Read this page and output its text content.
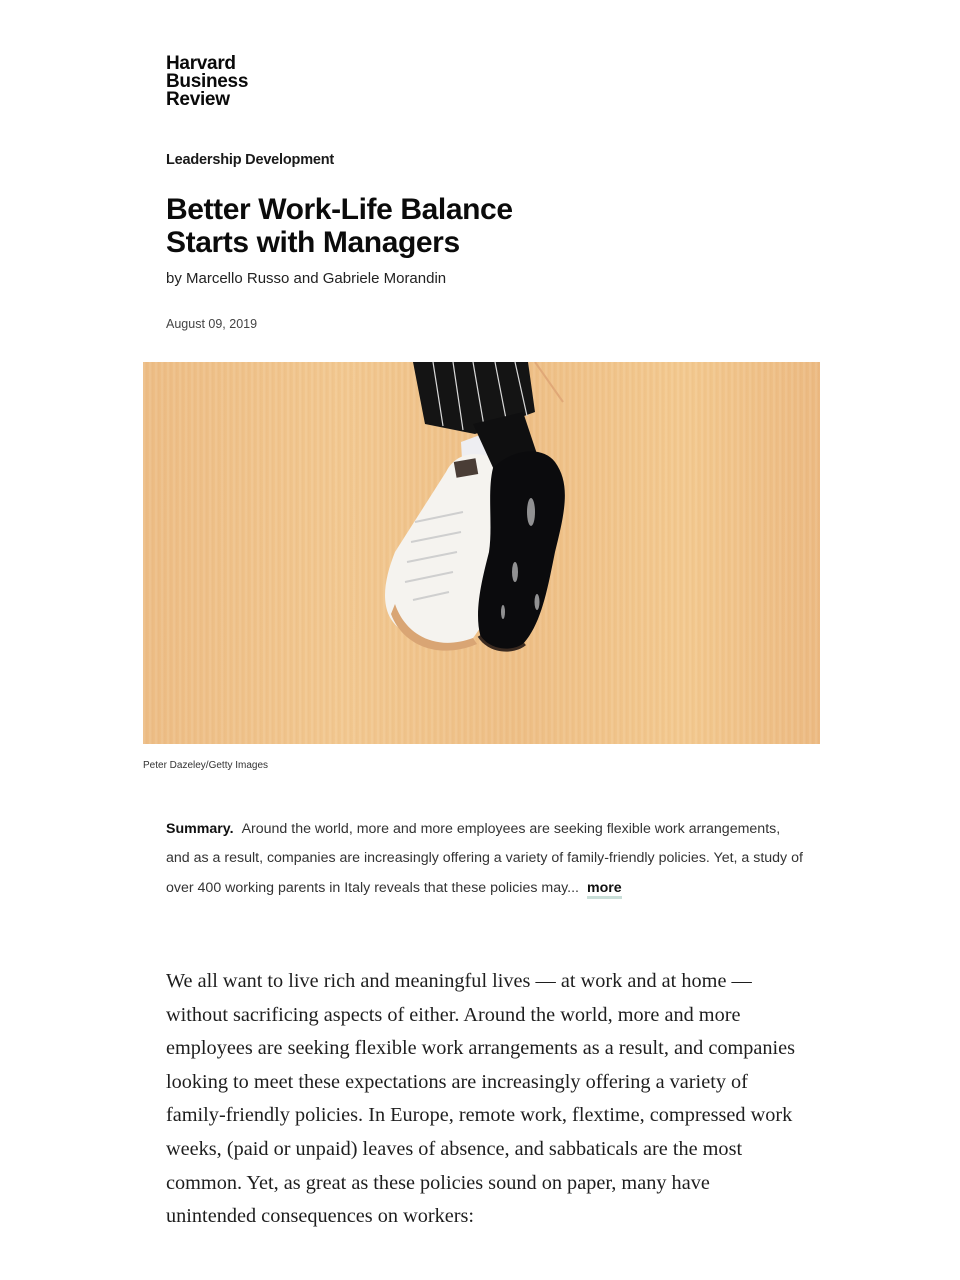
Harvard
Business
Review
Leadership Development
Better Work-Life Balance Starts with Managers
by Marcello Russo and Gabriele Morandin
August 09, 2019
Peter Dazeley/Getty Images
Summary. Around the world, more and more employees are seeking flexible work arrangements, and as a result, companies are increasingly offering a variety of family-friendly policies. Yet, a study of over 400 working parents in Italy reveals that these policies may... more

We all want to live rich and meaningful lives — at work and at home — without sacrificing aspects of either. Around the world, more and more employees are seeking flexible work arrangements as a result, and companies looking to meet these expectations are increasingly offering a variety of family-friendly policies. In Europe, remote work, flextime, compressed work weeks, (paid or unpaid) leaves of absence, and sabbaticals are the most common. Yet, as great as these policies sound on paper, many have unintended consequences on workers:
